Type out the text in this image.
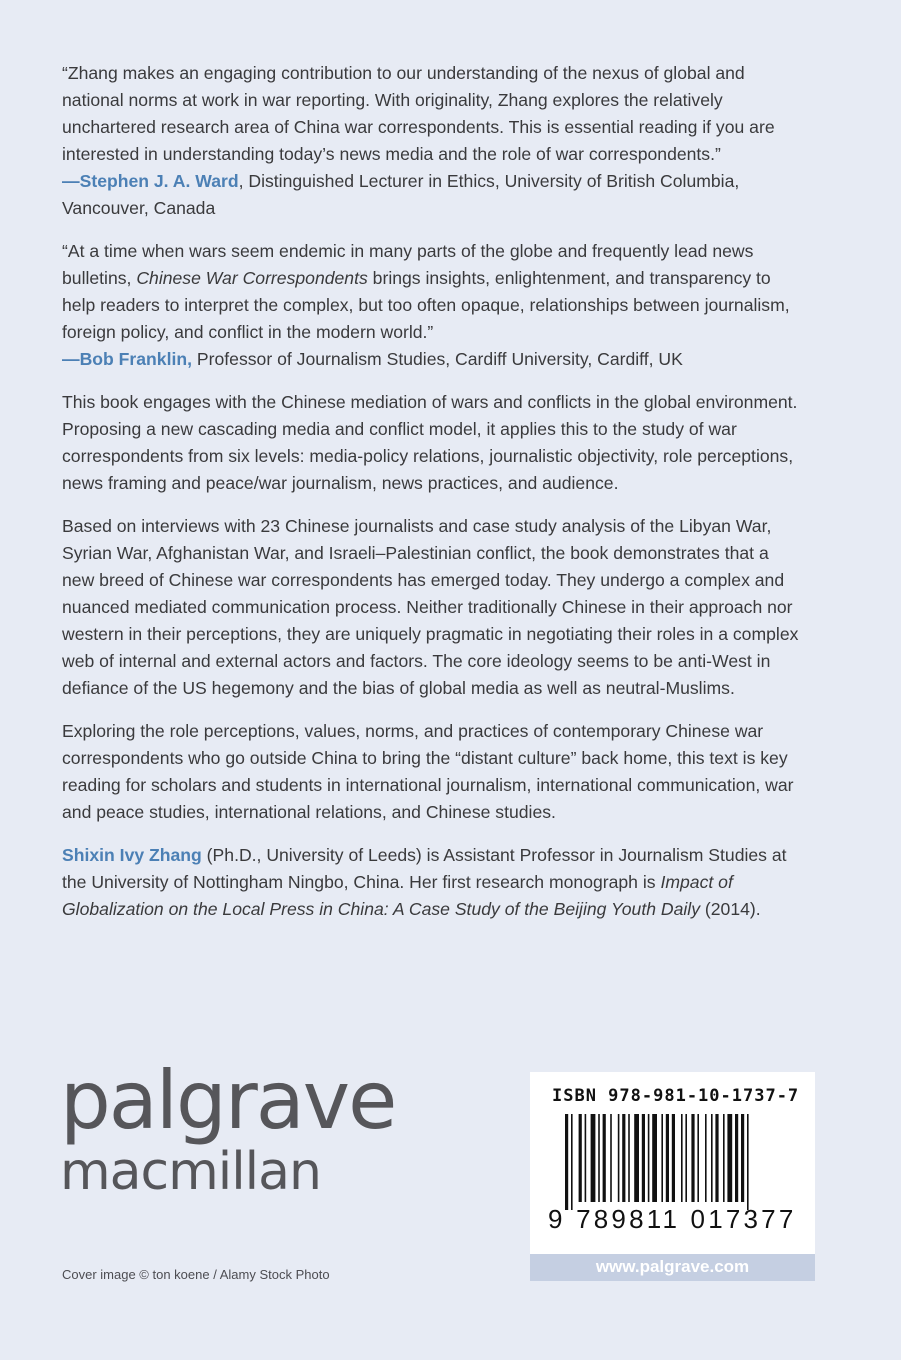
“Zhang makes an engaging contribution to our understanding of the nexus of global and national norms at work in war reporting. With originality, Zhang explores the relatively unchartered research area of China war correspondents. This is essential reading if you are interested in understanding today’s news media and the role of war correspondents.”
—Stephen J. A. Ward, Distinguished Lecturer in Ethics, University of British Columbia, Vancouver, Canada

“At a time when wars seem endemic in many parts of the globe and frequently lead news bulletins, Chinese War Correspondents brings insights, enlightenment, and transparency to help readers to interpret the complex, but too often opaque, relationships between journalism, foreign policy, and conflict in the modern world.”
—Bob Franklin, Professor of Journalism Studies, Cardiff University, Cardiff, UK

This book engages with the Chinese mediation of wars and conflicts in the global environment. Proposing a new cascading media and conflict model, it applies this to the study of war correspondents from six levels: media-policy relations, journalistic objectivity, role perceptions, news framing and peace/war journalism, news practices, and audience.

Based on interviews with 23 Chinese journalists and case study analysis of the Libyan War, Syrian War, Afghanistan War, and Israeli–Palestinian conflict, the book demonstrates that a new breed of Chinese war correspondents has emerged today. They undergo a complex and nuanced mediated communication process. Neither traditionally Chinese in their approach nor western in their perceptions, they are uniquely pragmatic in negotiating their roles in a complex web of internal and external actors and factors. The core ideology seems to be anti-West in defiance of the US hegemony and the bias of global media as well as neutral-Muslims.

Exploring the role perceptions, values, norms, and practices of contemporary Chinese war correspondents who go outside China to bring the “distant culture” back home, this text is key reading for scholars and students in international journalism, international communication, war and peace studies, international relations, and Chinese studies.

Shixin Ivy Zhang (Ph.D., University of Leeds) is Assistant Professor in Journalism Studies at the University of Nottingham Ningbo, China. Her first research monograph is Impact of Globalization on the Local Press in China: A Case Study of the Beijing Youth Daily (2014).

palgrave
macmillan
Cover image © ton koene / Alamy Stock Photo
ISBN 978-981-10-1737-7
9 789811 017377
www.palgrave.com
